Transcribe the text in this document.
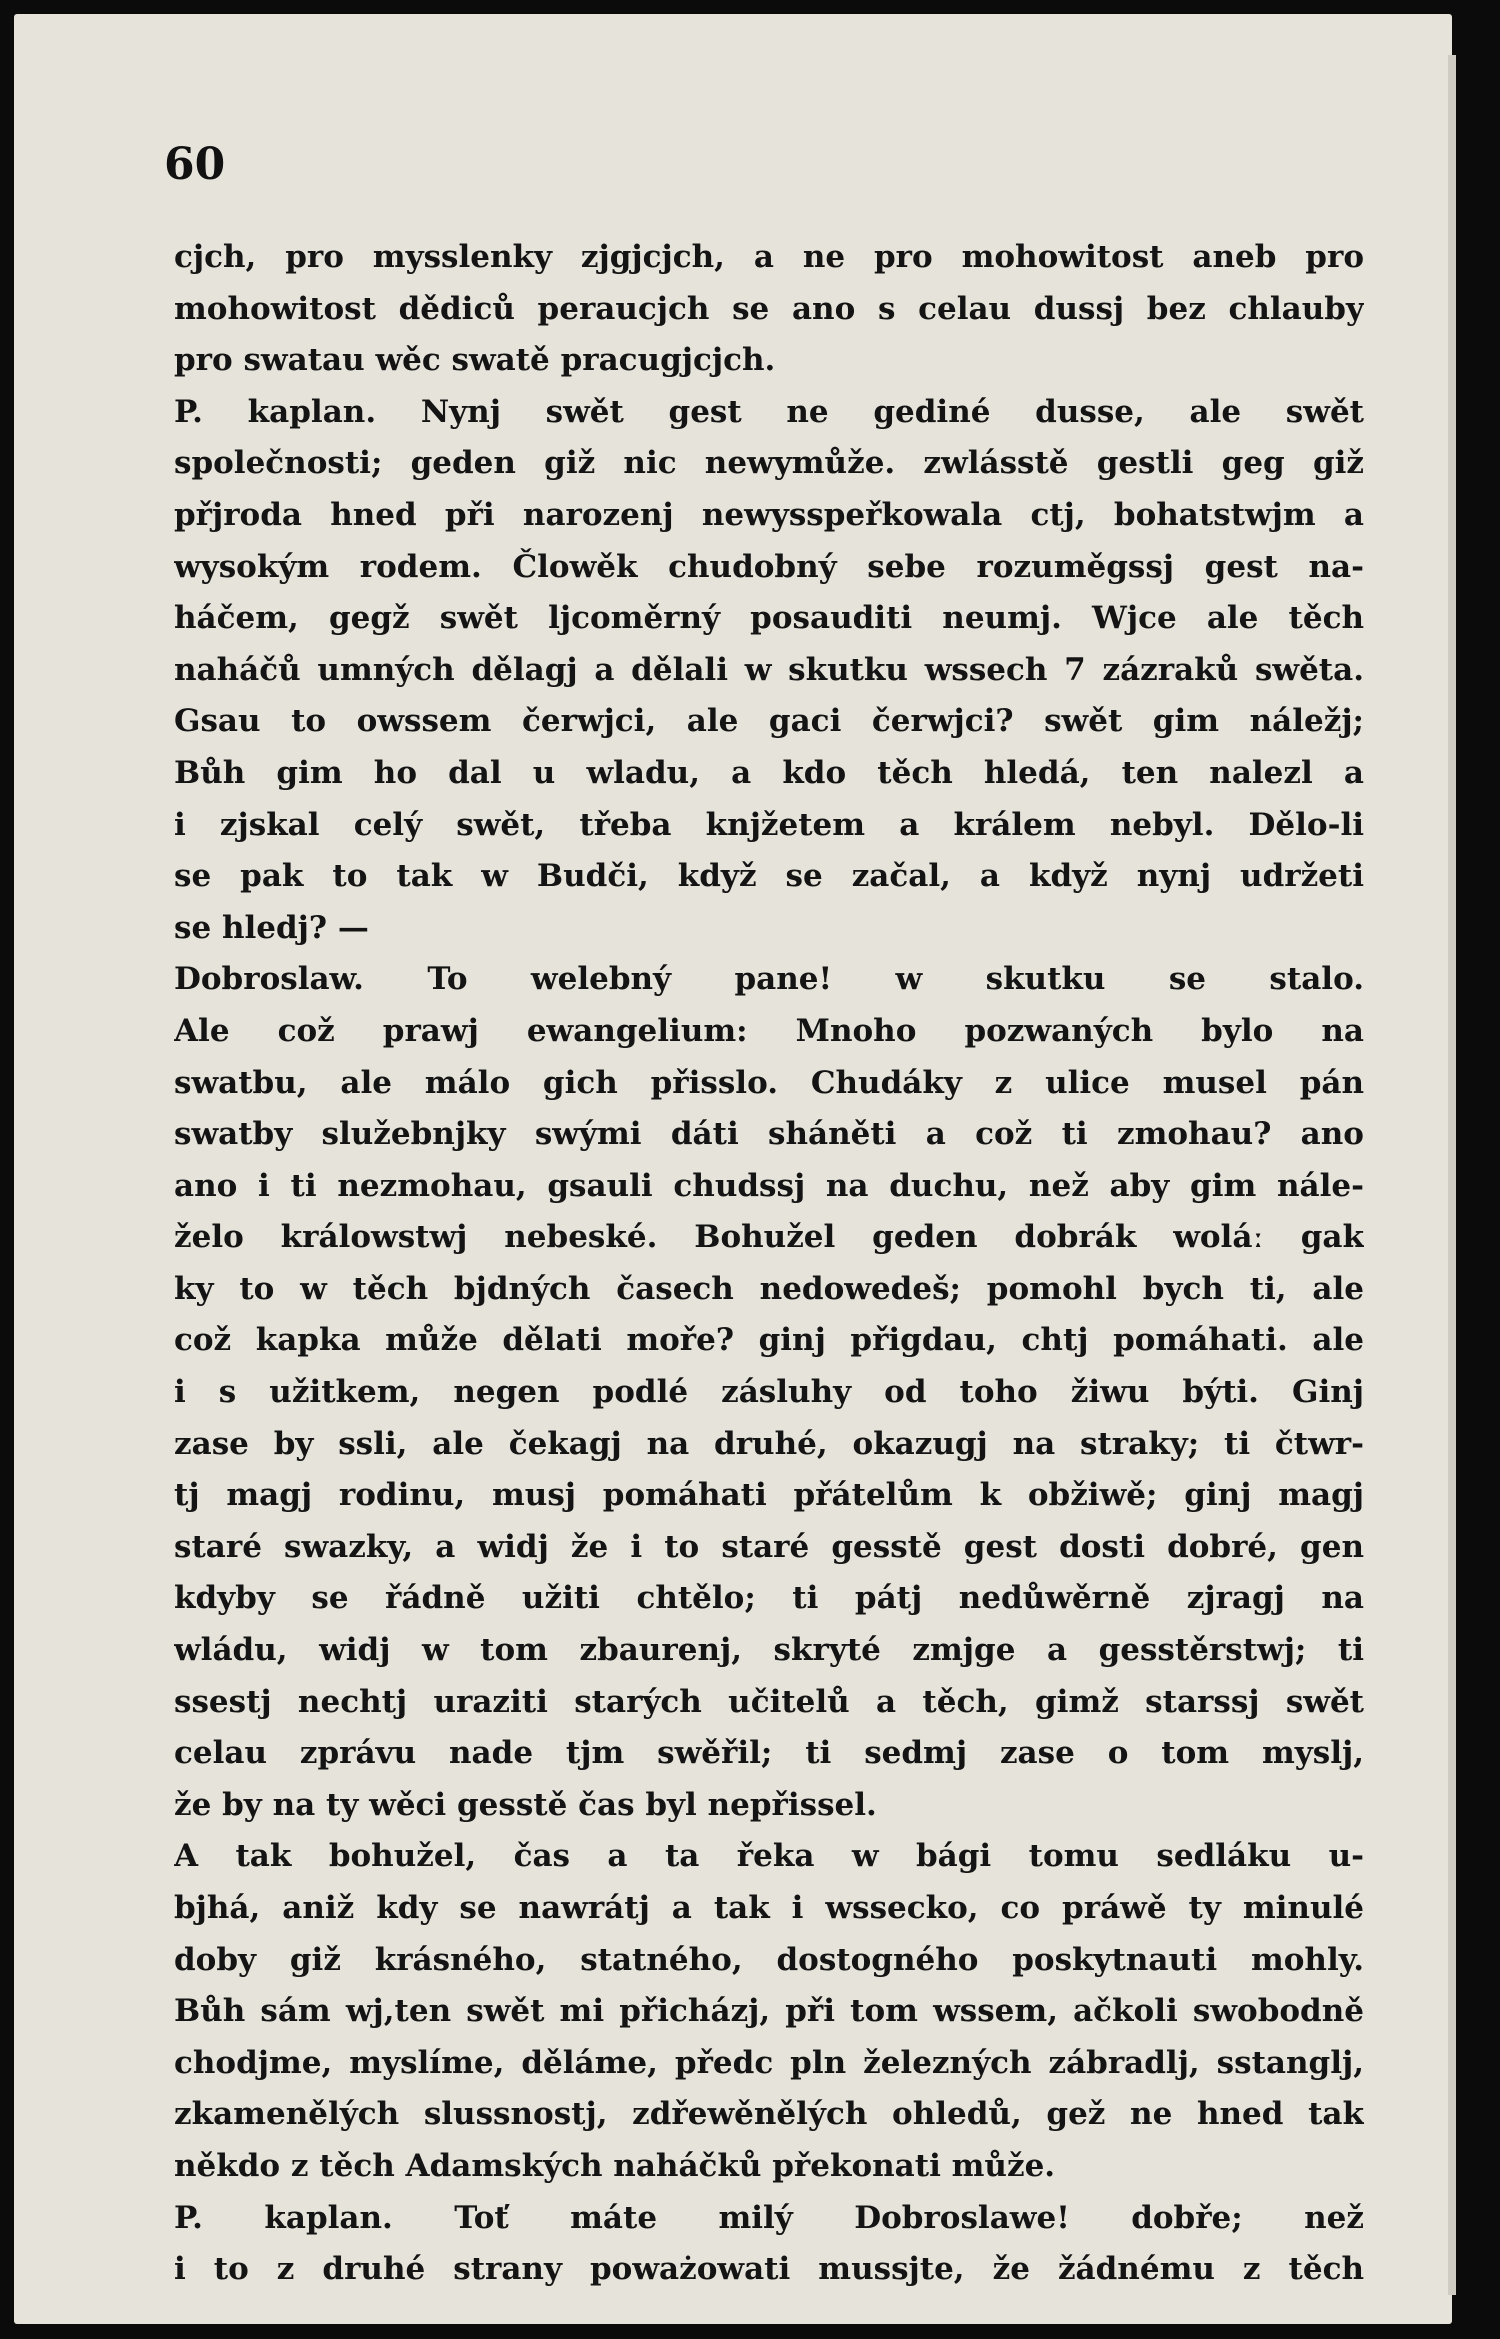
60
cjch, pro mysslenky zjgjcjch, a ne pro mohowitost aneb pro
mohowitost dědiců peraucjch se ano s celau dussj bez chlauby
pro swatau wěc swatě pracugjcjch.
P. kaplan. Nynj swět gest ne gediné dusse, ale swět
společnosti; geden giž nic newymůže. zwlásstě gestli geg giž
přjroda hned při narozenj newysspeřkowala ctj, bohatstwjm a
wysokým rodem. Člowěk chudobný sebe rozuměgssj gest na-
háčem, gegž swět ljcoměrný posauditi neumj. Wjce ale těch
naháčů umných dělagj a dělali w skutku wssech 7 zázraků swěta.
Gsau to owssem čerwjci, ale gaci čerwjci? swět gim náležj;
Bůh gim ho dal u wladu, a kdo těch hledá, ten nalezl a
i zjskal celý swět, třeba knjžetem a králem nebyl. Dělo-li
se pak to tak w Budči, když se začal, a když nynj udržeti
se hledj? —
Dobroslaw. To welebný pane! w skutku se stalo.
Ale což prawj ewangelium: Mnoho pozwaných bylo na
swatbu, ale málo gich přisslo. Chudáky z ulice musel pán
swatby služebnjky swými dáti sháněti a což ti zmohau? ano
ano i ti nezmohau, gsauli chudssj na duchu, než aby gim nále-
želo králowstwj nebeské. Bohužel geden dobrák woláː gak
ky to w těch bjdných časech nedowedeš; pomohl bych ti, ale
což kapka může dělati moře? ginj přigdau, chtj pomáhati. ale
i s užitkem, negen podlé zásluhy od toho žiwu býti. Ginj
zase by ssli, ale čekagj na druhé, okazugj na straky; ti čtwr-
tj magj rodinu, musj pomáhati přátelům k obžiwě; ginj magj
staré swazky, a widj že i to staré gesstě gest dosti dobré, gen
kdyby se řádně užiti chtělo; ti pátj nedůwěrně zjragj na
wládu, widj w tom zbaurenj, skryté zmjge a gesstěrstwj; ti
ssestj nechtj uraziti starých učitelů a těch, gimž starssj swět
celau zprávu nade tjm swěřil; ti sedmj zase o tom myslj,
že by na ty wěci gesstě čas byl nepřissel.
A tak bohužel, čas a ta řeka w bági tomu sedláku u-
bjhá, aniž kdy se nawrátj a tak i wssecko, co práwě ty minulé
doby giž krásného, statného, dostogného poskytnauti mohly.
Bůh sám wj,ten swět mi přicházj, při tom wssem, ačkoli swobodně
chodjme, myslíme, děláme, předc pln železných zábradlj, sstanglj,
zkamenělých slussnostj, zdřewěnělých ohledů, gež ne hned tak
někdo z těch Adamských naháčků překonati může.
P. kaplan. Toť máte milý Dobroslawe! dobře; než
i to z druhé strany poważowati mussjte, že žádnému z těch
